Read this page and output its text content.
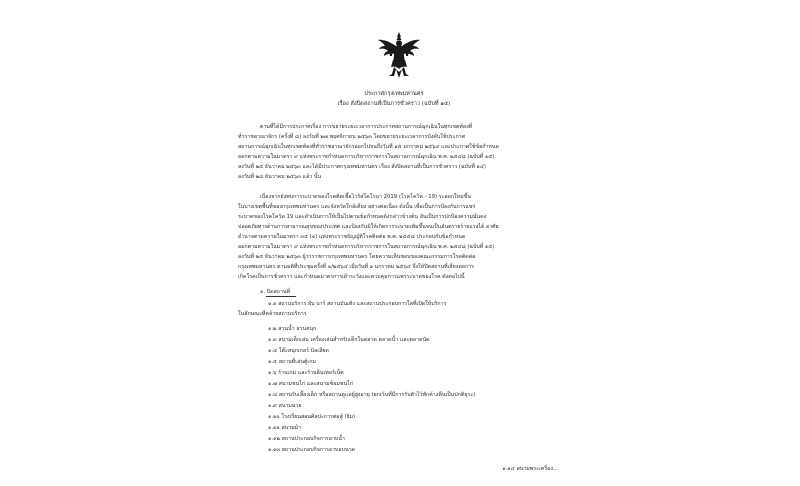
ประกาศกรุงเทพมหานคร
เรื่อง สั่งปิดสถานที่เป็นการชั่วคราว (ฉบับที่ ๑๕)
ตามที่ได้มีการประกาศเรื่อง การขยายระยะเวลาการประกาศสถานการณ์ฉุกเฉินในทุกเขตท้องที่
ทั่วราชอาณาจักร (ครั้งที่ ๘) ลงวันที่ ๒๗ พฤศจิกายน ๒๕๖๓ โดยขยายระยะเวลาการบังคับใช้ประกาศ
สถานการณ์ฉุกเฉินในทุกเขตท้องที่ทั่วราชอาณาจักรออกไปจนถึงวันที่ ๑๕ มกราคม ๒๕๖๔ และประกาศใช้ข้อกำหนด
ออกตามความในมาตรา ๙ แห่งพระราชกำหนดการบริหารราชการในสถานการณ์ฉุกเฉิน พ.ศ. ๒๕๔๘ (ฉบับที่ ๑๕)
ลงวันที่ ๒๕ ธันวาคม ๒๕๖๓ และได้มีประกาศกรุงเทพมหานคร เรื่อง สั่งปิดสถานที่เป็นการชั่วคราว (ฉบับที่ ๑๔)
ลงวันที่ ๒๘ ธันวาคม ๒๕๖๓ แล้ว นั้น
เนื่องจากยังพบการระบาดของโรคติดเชื้อไวรัสโคโรนา 2019 (โรคโควิด - 19) ระลอกใหม่ขึ้น
ในบางเขตพื้นที่ของกรุงเทพมหานคร และจังหวัดใกล้เคียง อย่างต่อเนื่อง ดังนั้น เพื่อเป็นการป้องกันการแพร่
ระบาดของโรคโควิด 19 และดำเนินการให้เป็นไปตามข้อกำหนดดังกล่าวข้างต้น อันเป็นการปกป้องความมั่นคง
ปลอดภัยทางด้านการสาธารณสุขของประเทศ และป้องกันมิให้เกิดการระบาดเพิ่มขึ้นจนเป็นอันตรายร้ายแรงได้ อาศัย
อำนาจตามความในมาตรา ๓๕ (๑) แห่งพระราชบัญญัติโรคติดต่อ พ.ศ. ๒๕๕๘ ประกอบกับข้อกำหนด
ออกตามความในมาตรา ๙ แห่งพระราชกำหนดการบริหารราชการในสถานการณ์ฉุกเฉิน พ.ศ. ๒๕๔๘ (ฉบับที่ ๑๕)
ลงวันที่ ๒๕ ธันวาคม ๒๕๖๓ ผู้ว่าราชการกรุงเทพมหานคร โดยความเห็นชอบของคณะกรรมการโรคติดต่อ
กรุงเทพมหานคร ตามมติที่ประชุมครั้งที่ ๑/๒๕๖๔ เมื่อวันที่ ๑ มกราคม ๒๕๖๔ จึงให้ปิดสถานที่เสี่ยงต่อการ
เกิดโรคเป็นการชั่วคราว และกำหนดมาตรการเฝ้าระวังและควบคุมการแพร่ระบาดของโรค ดังต่อไปนี้
๑. ปิดสถานที่
๑.๑ สถานบริการ ผับ บาร์ สถานบันเทิง และสถานประกอบการใดที่เปิดให้บริการ
ในลักษณะที่คล้ายสถานบริการ
๑.๒ สวนน้ำ สวนสนุก
๑.๓ สนามเด็กเล่น เครื่องเล่นสำหรับเด็กในตลาด ตลาดน้ำ และตลาดนัด
๑.๔ โต๊ะสนุกเกอร์ บิลเลียด
๑.๕ สถานที่เล่นตู้เกม
๑.๖ ร้านเกม และร้านอินเทอร์เน็ต
๑.๗ สนามชนไก่ และสนามซ้อมชนไก่
๑.๘ สถานรับเลี้ยงเด็ก หรือสถานดูแลผู้สูงอายุ (ยกเว้นที่มีการรับตัวไว้พักค้างคืนเป็นปกติธุระ)
๑.๙ สนามมวย
๑.๑๐ โรงเรียนสอนศิลปะการต่อสู้ (ยิม)
๑.๑๑ สนามม้า
๑.๑๒ สถานประกอบกิจการอาบน้ำ
๑.๑๓ สถานประกอบกิจการอาบอบนวด
๑.๑๔ สนามพระเครื่อง...
